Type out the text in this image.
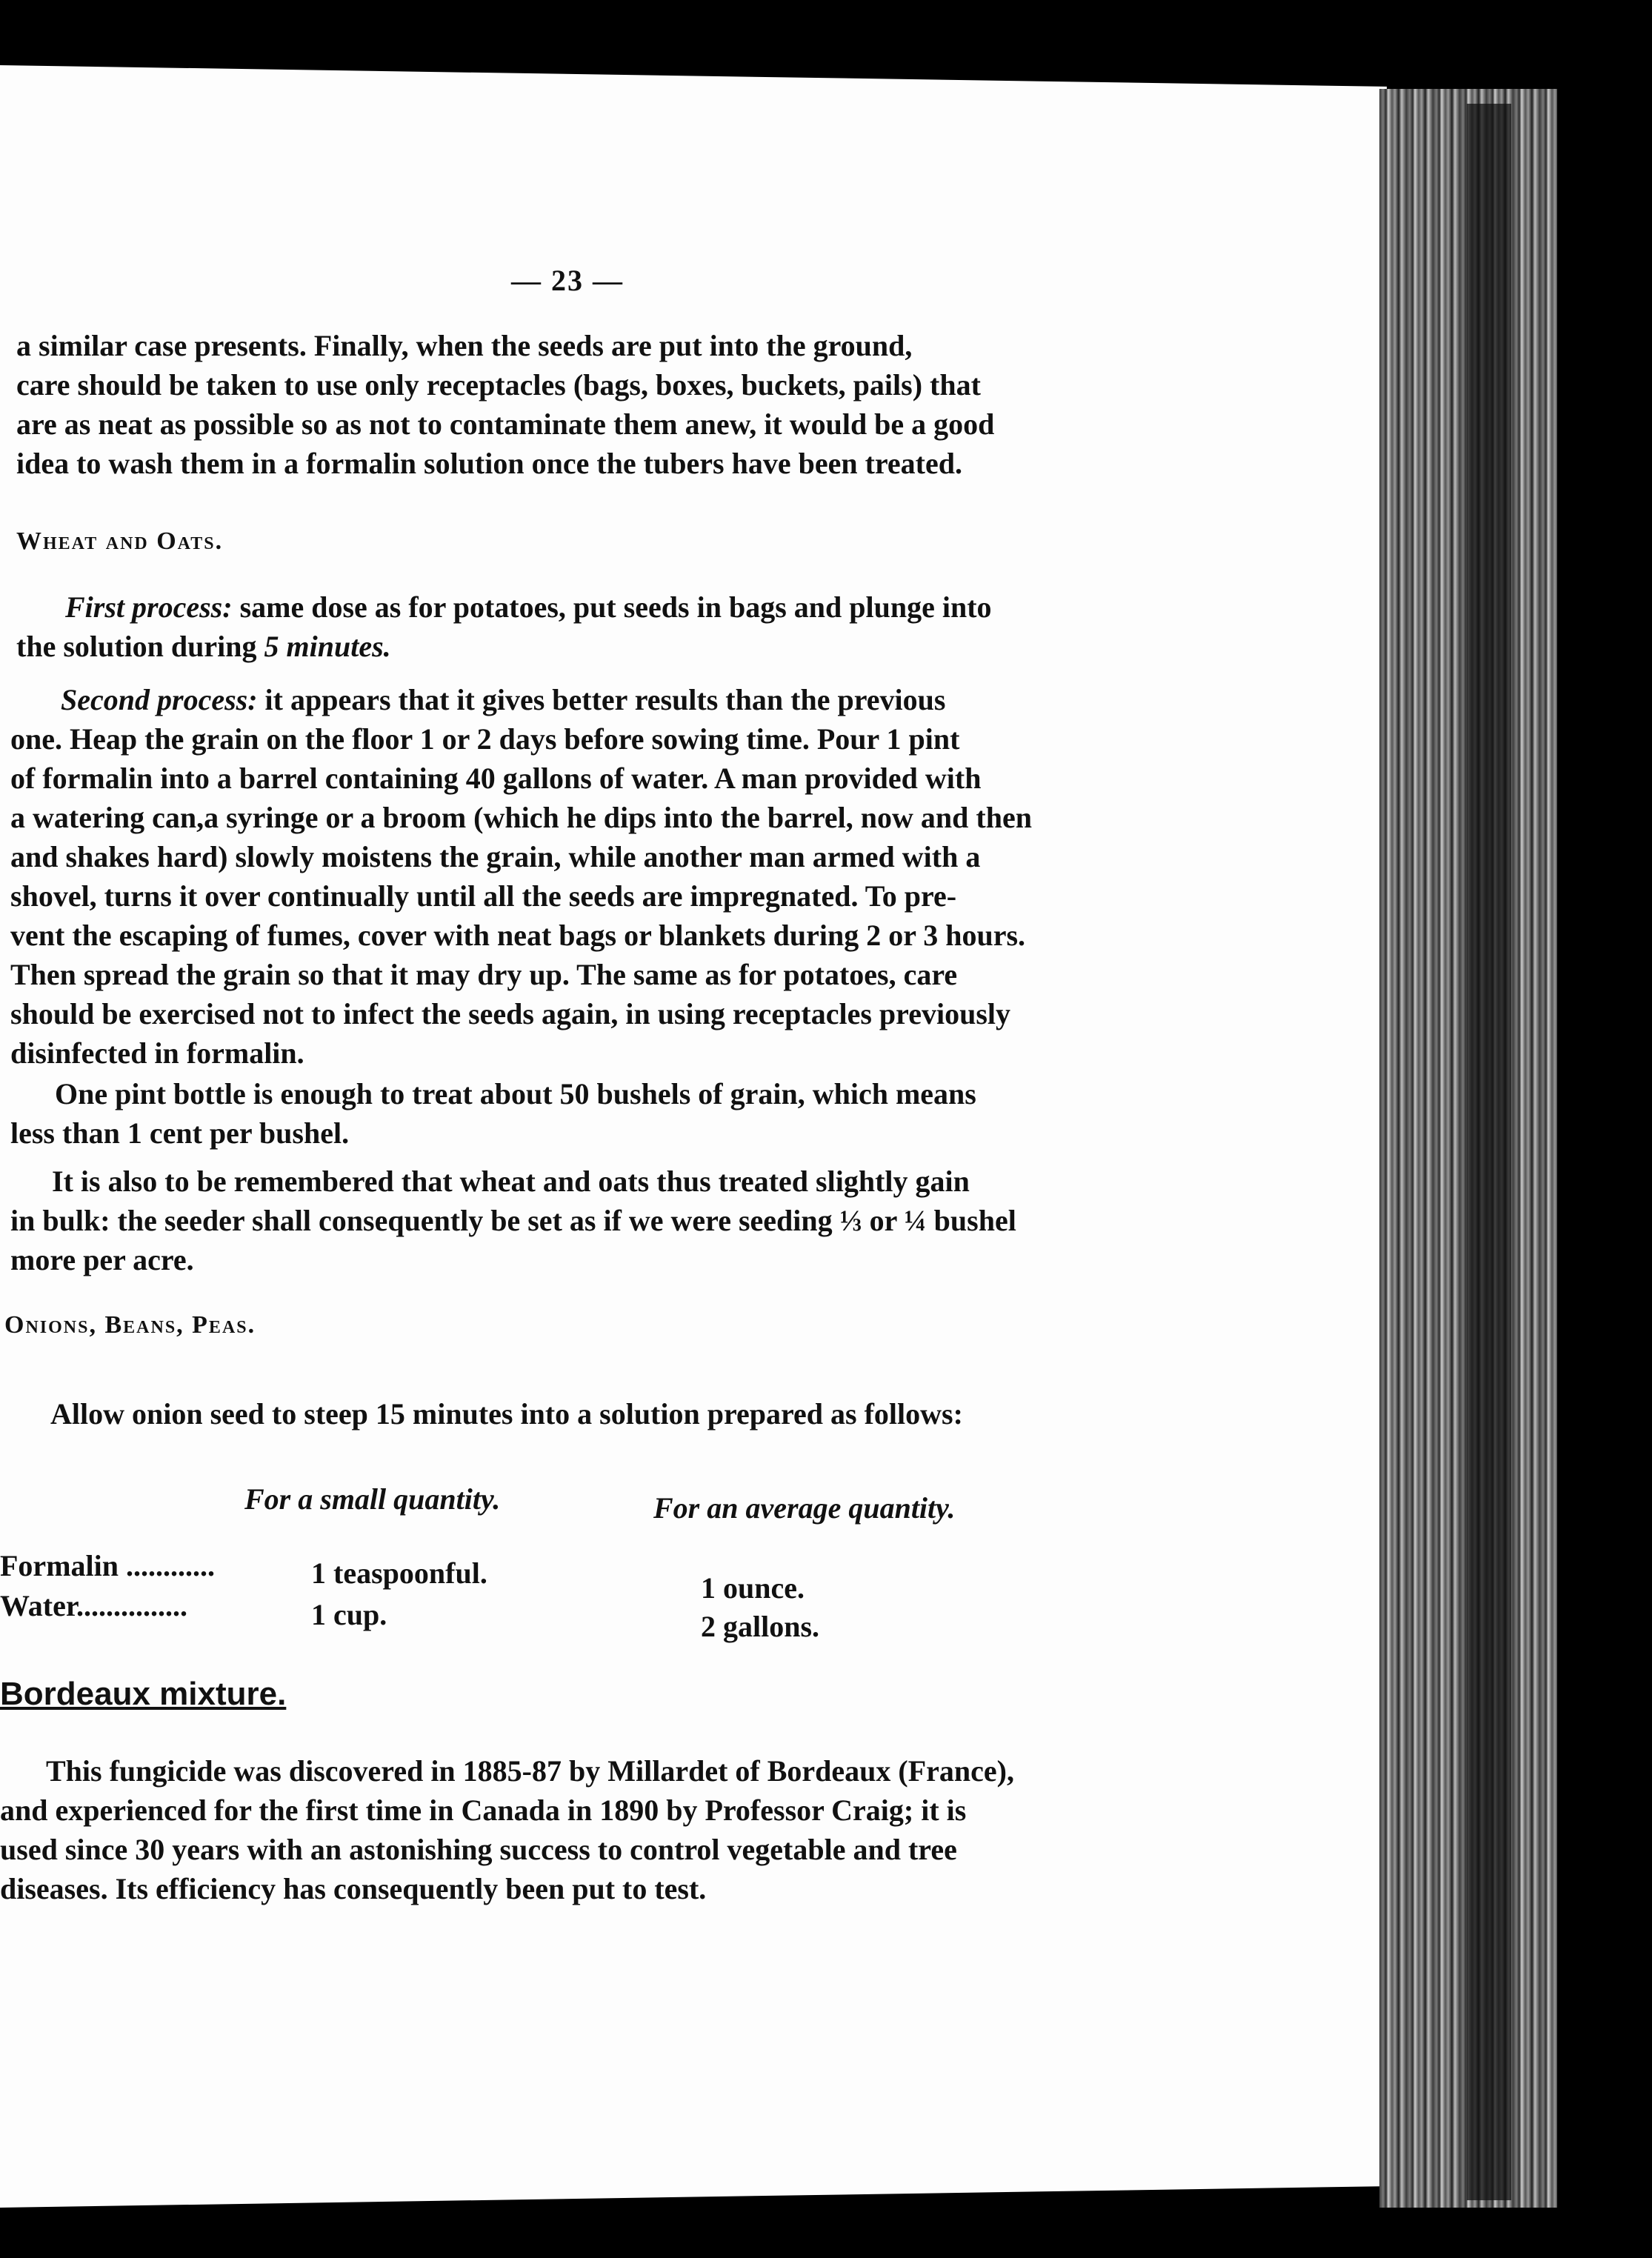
— 23 —
a similar case presents. Finally, when the seeds are put into the ground,
care should be taken to use only receptacles (bags, boxes, buckets, pails) that
are as neat as possible so as not to contaminate them anew, it would be a good
idea to wash them in a formalin solution once the tubers have been treated.
Wheat and Oats.
First process: same dose as for potatoes, put seeds in bags and plunge into
the solution during 5 minutes.
Second process: it appears that it gives better results than the previous
one. Heap the grain on the floor 1 or 2 days before sowing time. Pour 1 pint
of formalin into a barrel containing 40 gallons of water. A man provided with
a watering can,a syringe or a broom (which he dips into the barrel, now and then
and shakes hard) slowly moistens the grain, while another man armed with a
shovel, turns it over continually until all the seeds are impregnated. To pre-
vent the escaping of fumes, cover with neat bags or blankets during 2 or 3 hours.
Then spread the grain so that it may dry up. The same as for potatoes, care
should be exercised not to infect the seeds again, in using receptacles previously
disinfected in formalin.
One pint bottle is enough to treat about 50 bushels of grain, which means
less than 1 cent per bushel.
It is also to be remembered that wheat and oats thus treated slightly gain
in bulk: the seeder shall consequently be set as if we were seeding ⅓ or ¼ bushel
more per acre.
Onions, Beans, Peas.
Allow onion seed to steep 15 minutes into a solution prepared as follows:
For a small quantity.	For an average quantity.
Formalin ............	1 teaspoonful.	1 ounce.
Water...............	1 cup.	2 gallons.
Bordeaux mixture.
This fungicide was discovered in 1885-87 by Millardet of Bordeaux (France),
and experienced for the first time in Canada in 1890 by Professor Craig; it is
used since 30 years with an astonishing success to control vegetable and tree
diseases. Its efficiency has consequently been put to test.
